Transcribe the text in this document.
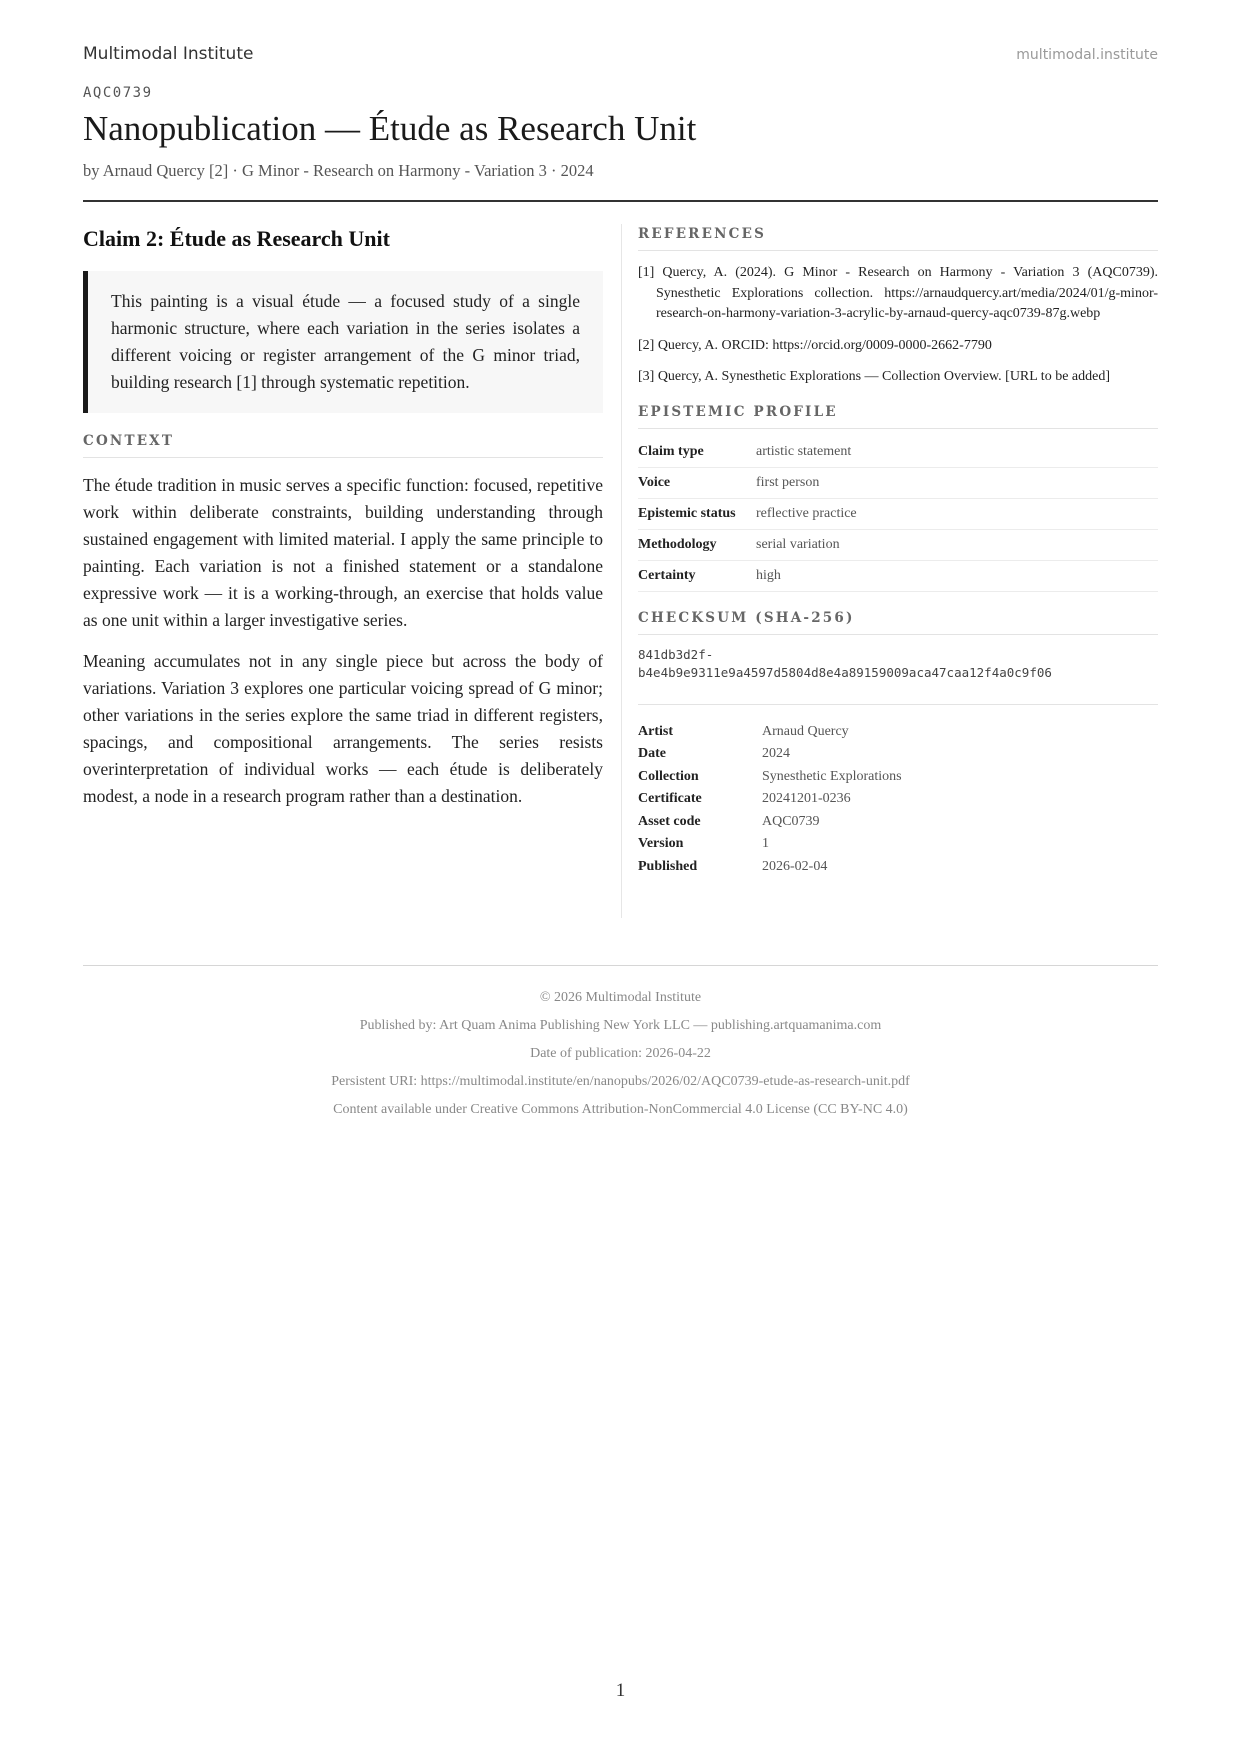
Multimodal Institute	multimodal.institute
AQC0739
Nanopublication — Étude as Research Unit
by Arnaud Quercy [2] · G Minor - Research on Harmony - Variation 3 · 2024
Claim 2: Étude as Research Unit
This painting is a visual étude — a focused study of a single harmonic structure, where each variation in the series isolates a different voicing or register arrangement of the G minor triad, building research [1] through systematic repetition.
CONTEXT

The étude tradition in music serves a specific function: focused, repetitive work within deliberate constraints, building understanding through sustained engagement with limited material. I apply the same principle to painting. Each variation is not a finished statement or a standalone expressive work — it is a working-through, an exercise that holds value as one unit within a larger investigative series.

Meaning accumulates not in any single piece but across the body of variations. Variation 3 explores one particular voicing spread of G minor; other variations in the series explore the same triad in different registers, spacings, and compositional arrangements. The series resists overinterpretation of individual works — each étude is deliberately modest, a node in a research program rather than a destination.

REFERENCES
[1] Quercy, A. (2024). G Minor - Research on Harmony - Variation 3 (AQC0739). Synesthetic Explorations collection. https://arnaudquercy.art/media/2024/01/g-minor-research-on-harmony-variation-3-acrylic-by-arnaud-quercy-aqc0739-87g.webp
[2] Quercy, A. ORCID: https://orcid.org/0009-0000-2662-7790
[3] Quercy, A. Synesthetic Explorations — Collection Overview. [URL to be added]
EPISTEMIC PROFILE
Claim type	artistic statement
Voice	first person
Epistemic status	reflective practice
Methodology	serial variation
Certainty	high
CHECKSUM (SHA-256)
841db3d2f-
b4e4b9e9311e9a4597d5804d8e4a89159009aca47caa12f4a0c9f06
Artist	Arnaud Quercy
Date	2024
Collection	Synesthetic Explorations
Certificate	20241201-0236
Asset code	AQC0739
Version	1
Published	2026-02-04
© 2026 Multimodal Institute
Published by: Art Quam Anima Publishing New York LLC — publishing.artquamanima.com
Date of publication: 2026-04-22
Persistent URI: https://multimodal.institute/en/nanopubs/2026/02/AQC0739-etude-as-research-unit.pdf
Content available under Creative Commons Attribution-NonCommercial 4.0 License (CC BY-NC 4.0)
1
